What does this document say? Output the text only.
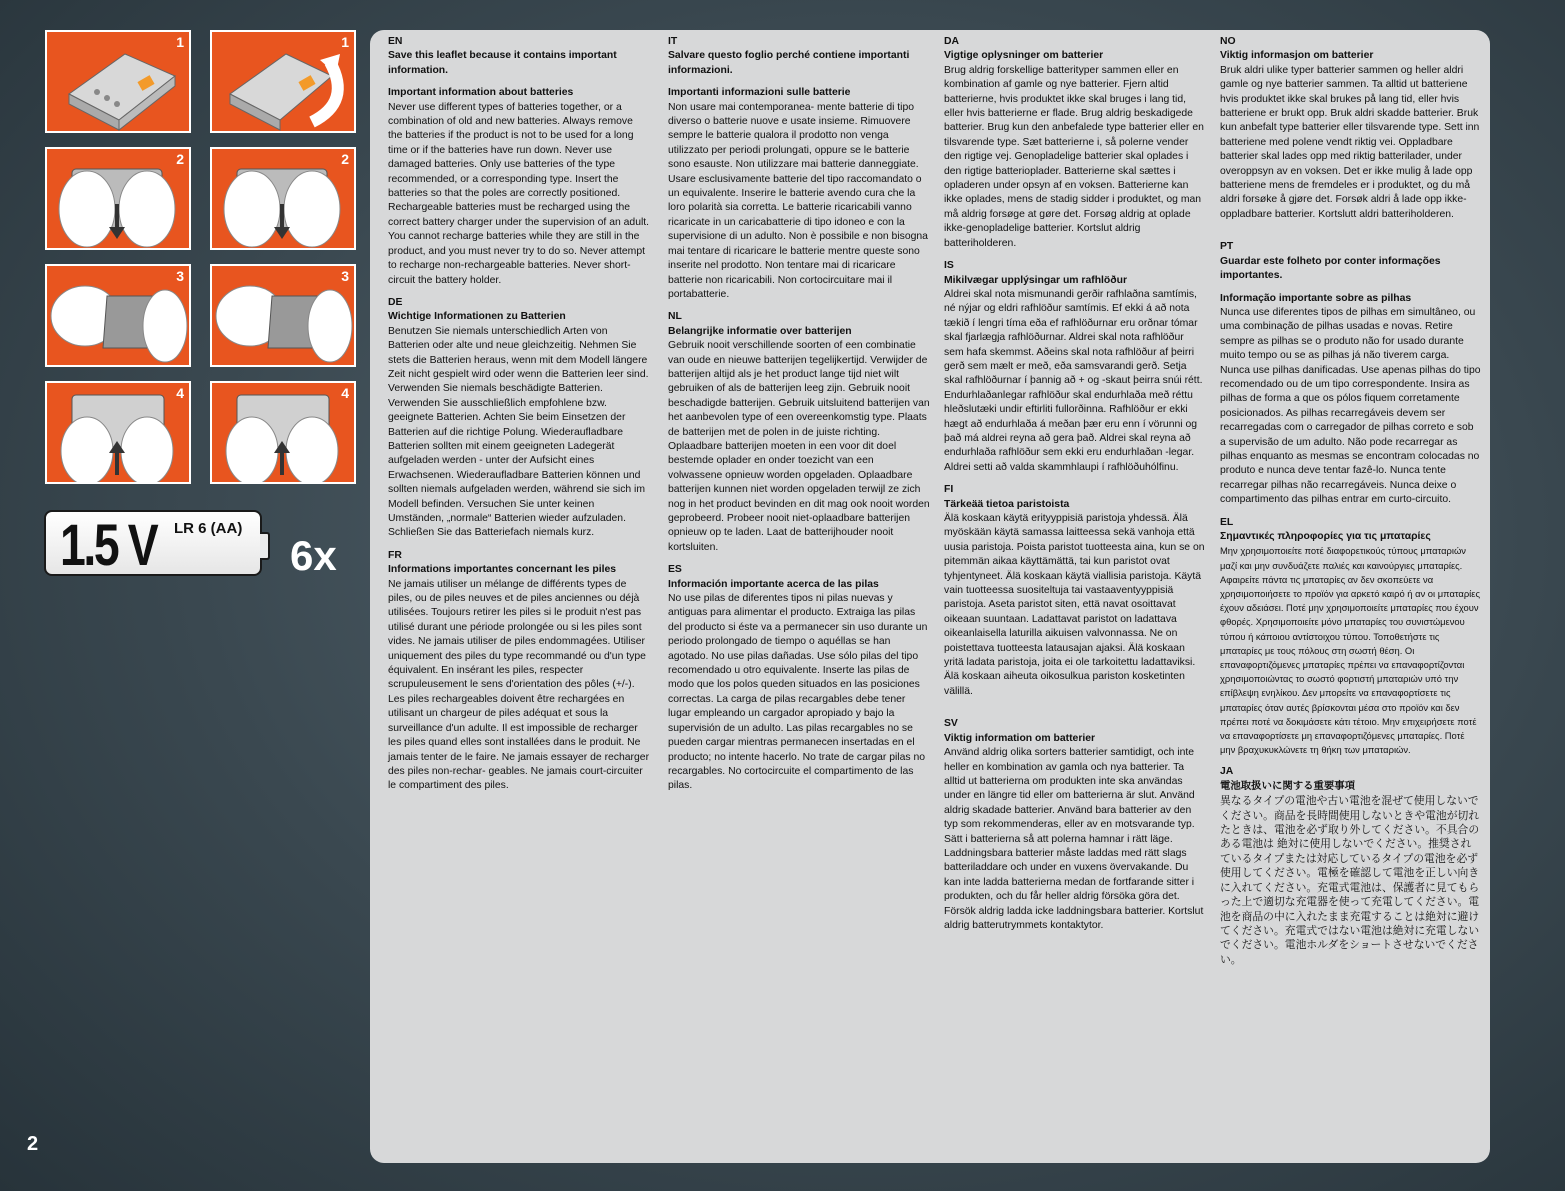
1	1
2	2
3	3
4	4
1.5 V LR 6 (AA)
6x
2
EN
Save this leaflet because it contains important information.
Important information about batteries
Never use different types of batteries together, or a combination of old and new batteries. Always remove the batteries if the product is not to be used for a long time or if the batteries have run down. Never use damaged batteries. Only use batteries of the type recommended, or a corresponding type. Insert the batteries so that the poles are correctly positioned. Rechargeable batteries must be recharged using the correct battery charger under the supervision of an adult. You cannot recharge batteries while they are still in the product, and you must never try to do so. Never attempt to recharge non-rechargeable batteries. Never short-circuit the battery holder.
DE
Wichtige Informationen zu Batterien
Benutzen Sie niemals unterschiedlich Arten von Batterien oder alte und neue gleichzeitig. Nehmen Sie stets die Batterien heraus, wenn mit dem Modell längere Zeit nicht gespielt wird oder wenn die Batterien leer sind. Verwenden Sie niemals beschädigte Batterien. Verwenden Sie ausschließlich empfohlene bzw. geeignete Batterien. Achten Sie beim Einsetzen der Batterien auf die richtige Polung. Wiederaufladbare Batterien sollten mit einem geeigneten Ladegerät aufgeladen werden - unter der Aufsicht eines Erwachsenen. Wiederaufladbare Batterien können und sollten niemals aufgeladen werden, während sie sich im Modell befinden. Versuchen Sie unter keinen Umständen, „normale“ Batterien wieder aufzuladen. Schließen Sie das Batteriefach niemals kurz.
FR
Informations importantes concernant les piles
Ne jamais utiliser un mélange de différents types de piles, ou de piles neuves et de piles anciennes ou déjà utilisées. Toujours retirer les piles si le produit n'est pas utilisé durant une période prolongée ou si les piles sont vides. Ne jamais utiliser de piles endommagées. Utiliser uniquement des piles du type recommandé ou d'un type équivalent. En insérant les piles, respecter scrupuleusement le sens d'orientation des pôles (+/-). Les piles rechargeables doivent être rechargées en utilisant un chargeur de piles adéquat et sous la surveillance d'un adulte. Il est impossible de recharger les piles quand elles sont installées dans le produit. Ne jamais tenter de le faire. Ne jamais essayer de recharger des piles non-rechar- geables. Ne jamais court-circuiter le compartiment des piles.
IT
Salvare questo foglio perché contiene importanti informazioni.
Importanti informazioni sulle batterie
Non usare mai contemporanea- mente batterie di tipo diverso o batterie nuove e usate insieme. Rimuovere sempre le batterie qualora il prodotto non venga utilizzato per periodi prolungati, oppure se le batterie sono esauste. Non utilizzare mai batterie danneggiate. Usare esclusivamente batterie del tipo raccomandato o un equivalente. Inserire le batterie avendo cura che la loro polarità sia corretta. Le batterie ricaricabili vanno ricaricate in un caricabatterie di tipo idoneo e con la supervisione di un adulto. Non è possibile e non bisogna mai tentare di ricaricare le batterie mentre queste sono inserite nel prodotto. Non tentare mai di ricaricare batterie non ricaricabili. Non cortocircuitare mai il portabatterie.
NL
Belangrijke informatie over batterijen
Gebruik nooit verschillende soorten of een combinatie van oude en nieuwe batterijen tegelijkertijd. Verwijder de batterijen altijd als je het product lange tijd niet wilt gebruiken of als de batterijen leeg zijn. Gebruik nooit beschadigde batterijen. Gebruik uitsluitend batterijen van het aanbevolen type of een overeenkomstig type. Plaats de batterijen met de polen in de juiste richting. Oplaadbare batterijen moeten in een voor dit doel bestemde oplader en onder toezicht van een volwassene opnieuw worden opgeladen. Oplaadbare batterijen kunnen niet worden opgeladen terwijl ze zich nog in het product bevinden en dit mag ook nooit worden geprobeerd. Probeer nooit niet-oplaadbare batterijen opnieuw op te laden. Laat de batterijhouder nooit kortsluiten.
ES
Información importante acerca de las pilas
No use pilas de diferentes tipos ni pilas nuevas y antiguas para alimentar el producto. Extraiga las pilas del producto si éste va a permanecer sin uso durante un periodo prolongado de tiempo o aquéllas se han agotado. No use pilas dañadas. Use sólo pilas del tipo recomendado u otro equivalente. Inserte las pilas de modo que los polos queden situados en las posiciones correctas. La carga de pilas recargables debe tener lugar empleando un cargador apropiado y bajo la supervisión de un adulto. Las pilas recargables no se pueden cargar mientras permanecen insertadas en el producto; no intente hacerlo. No trate de cargar pilas no recargables. No cortocircuite el compartimento de las pilas.
DA
Vigtige oplysninger om batterier
Brug aldrig forskellige batterityper sammen eller en kombination af gamle og nye batterier. Fjern altid batterierne, hvis produktet ikke skal bruges i lang tid, eller hvis batterierne er flade. Brug aldrig beskadigede batterier. Brug kun den anbefalede type batterier eller en tilsvarende type. Sæt batterierne i, så polerne vender den rigtige vej. Genopladelige batterier skal oplades i den rigtige batterioplader. Batterierne skal sættes i opladeren under opsyn af en voksen. Batterierne kan ikke oplades, mens de stadig sidder i produktet, og man må aldrig forsøge at gøre det. Forsøg aldrig at oplade ikke-genopladelige batterier. Kortslut aldrig batteriholderen.
IS
Mikilvægar upplýsingar um rafhlöður
Aldrei skal nota mismunandi gerðir rafhlaðna samtímis, né nýjar og eldri rafhlöður samtímis. Ef ekki á að nota tækið í lengri tíma eða ef rafhlöðurnar eru orðnar tómar skal fjarlægja rafhlöðurnar. Aldrei skal nota rafhlöður sem hafa skemmst. Aðeins skal nota rafhlöður af þeirri gerð sem mælt er með, eða samsvarandi gerð. Setja skal rafhlöðurnar í þannig að + og -skaut þeirra snúi rétt. Endurhlaðanlegar rafhlöður skal endurhlaða með réttu hleðslutæki undir eftirliti fullorðinna. Rafhlöður er ekki hægt að endurhlaða á meðan þær eru enn í vörunni og það má aldrei reyna að gera það. Aldrei skal reyna að endurhlaða rafhlöður sem ekki eru endurhlaðan -legar. Aldrei setti að valda skammhlaupi í rafhlöðuhólfinu.
FI
Tärkeää tietoa paristoista
Älä koskaan käytä erityyppisiä paristoja yhdessä. Älä myöskään käytä samassa laitteessa sekä vanhoja että uusia paristoja. Poista paristot tuotteesta aina, kun se on pitemmän aikaa käyttämättä, tai kun paristot ovat tyhjentyneet. Älä koskaan käytä viallisia paristoja. Käytä vain tuotteessa suositeltuja tai vastaaventyyppisiä paristoja. Aseta paristot siten, että navat osoittavat oikeaan suuntaan. Ladattavat paristot on ladattava oikeanlaisella laturilla aikuisen valvonnassa. Ne on poistettava tuotteesta latausajan ajaksi. Älä koskaan yritä ladata paristoja, joita ei ole tarkoitettu ladattaviksi. Älä koskaan aiheuta oikosulkua pariston kosketinten välillä.
SV
Viktig information om batterier
Använd aldrig olika sorters batterier samtidigt, och inte heller en kombination av gamla och nya batterier. Ta alltid ut batterierna om produkten inte ska användas under en längre tid eller om batterierna är slut. Använd aldrig skadade batterier. Använd bara batterier av den typ som rekommenderas, eller av en motsvarande typ. Sätt i batterierna så att polerna hamnar i rätt läge. Laddningsbara batterier måste laddas med rätt slags batteriladdare och under en vuxens övervakande. Du kan inte ladda batterierna medan de fortfarande sitter i produkten, och du får heller aldrig försöka göra det. Försök aldrig ladda icke laddningsbara batterier. Kortslut aldrig batterutrymmets kontaktytor.
NO
Viktig informasjon om batterier
Bruk aldri ulike typer batterier sammen og heller aldri gamle og nye batterier sammen. Ta alltid ut batteriene hvis produktet ikke skal brukes på lang tid, eller hvis batteriene er brukt opp. Bruk aldri skadde batterier. Bruk kun anbefalt type batterier eller tilsvarende type. Sett inn batteriene med polene vendt riktig vei. Oppladbare batterier skal lades opp med riktig batterilader, under overoppsyn av en voksen. Det er ikke mulig å lade opp batteriene mens de fremdeles er i produktet, og du må aldri forsøke å gjøre det. Forsøk aldri å lade opp ikke-oppladbare batterier. Kortslutt aldri batteriholderen.
PT
Guardar este folheto por conter informações importantes.
Informação importante sobre as pilhas
Nunca use diferentes tipos de pilhas em simultâneo, ou uma combinação de pilhas usadas e novas. Retire sempre as pilhas se o produto não for usado durante muito tempo ou se as pilhas já não tiverem carga. Nunca use pilhas danificadas. Use apenas pilhas do tipo recomendado ou de um tipo correspondente. Insira as pilhas de forma a que os pólos fiquem corretamente posicionados. As pilhas recarregáveis devem ser recarregadas com o carregador de pilhas correto e sob a supervisão de um adulto. Não pode recarregar as pilhas enquanto as mesmas se encontram colocadas no produto e nunca deve tentar fazê-lo. Nunca tente recarregar pilhas não recarregáveis. Nunca deixe o compartimento das pilhas entrar em curto-circuito.
EL
Σημαντικές πληροφορίες για τις μπαταρίες
Μην χρησιμοποιείτε ποτέ διαφορετικούς τύπους μπαταριών μαζί και μην συνδυάζετε παλιές και καινούργιες μπαταρίες. Αφαιρείτε πάντα τις μπαταρίες αν δεν σκοπεύετε να χρησιμοποιήσετε το προϊόν για αρκετό καιρό ή αν οι μπαταρίες έχουν αδειάσει. Ποτέ μην χρησιμοποιείτε μπαταρίες που έχουν φθορές. Χρησιμοποιείτε μόνο μπαταρίες του συνιστώμενου τύπου ή κάποιου αντίστοιχου τύπου. Τοποθετήστε τις μπαταρίες με τους πόλους στη σωστή θέση. Οι επαναφορτιζόμενες μπαταρίες πρέπει να επαναφορτίζονται χρησιμοποιώντας το σωστό φορτιστή μπαταριών υπό την επίβλεψη ενηλίκου. Δεν μπορείτε να επαναφορτίσετε τις μπαταρίες όταν αυτές βρίσκονται μέσα στο προϊόν και δεν πρέπει ποτέ να δοκιμάσετε κάτι τέτοιο. Μην επιχειρήσετε ποτέ να επαναφορτίσετε μη επαναφορτιζόμενες μπαταρίες. Ποτέ μην βραχυκυκλώνετε τη θήκη των μπαταριών.
JA
電池取扱いに関する重要事項
異なるタイプの電池や古い電池を混ぜて使用しないでください。商品を長時間使用しないときや電池が切れたときは、電池を必ず取り外してください。不具合のある電池は 絶対に使用しないでください。推奨されているタイプまたは対応しているタイプの電池を必ず使用してください。電極を確認して電池を正しい向きに入れてください。充電式電池は、保護者に見てもらった上で適切な充電器を使って充電してください。電池を商品の中に入れたまま充電することは絶対に避けてください。充電式ではない電池は絶対に充電しないでください。電池ホルダをショートさせないでください。
